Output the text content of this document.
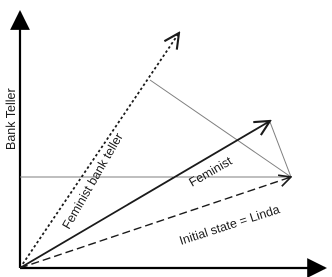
Bank Teller
Feminist bank teller	Feminist
Initial state = Linda
